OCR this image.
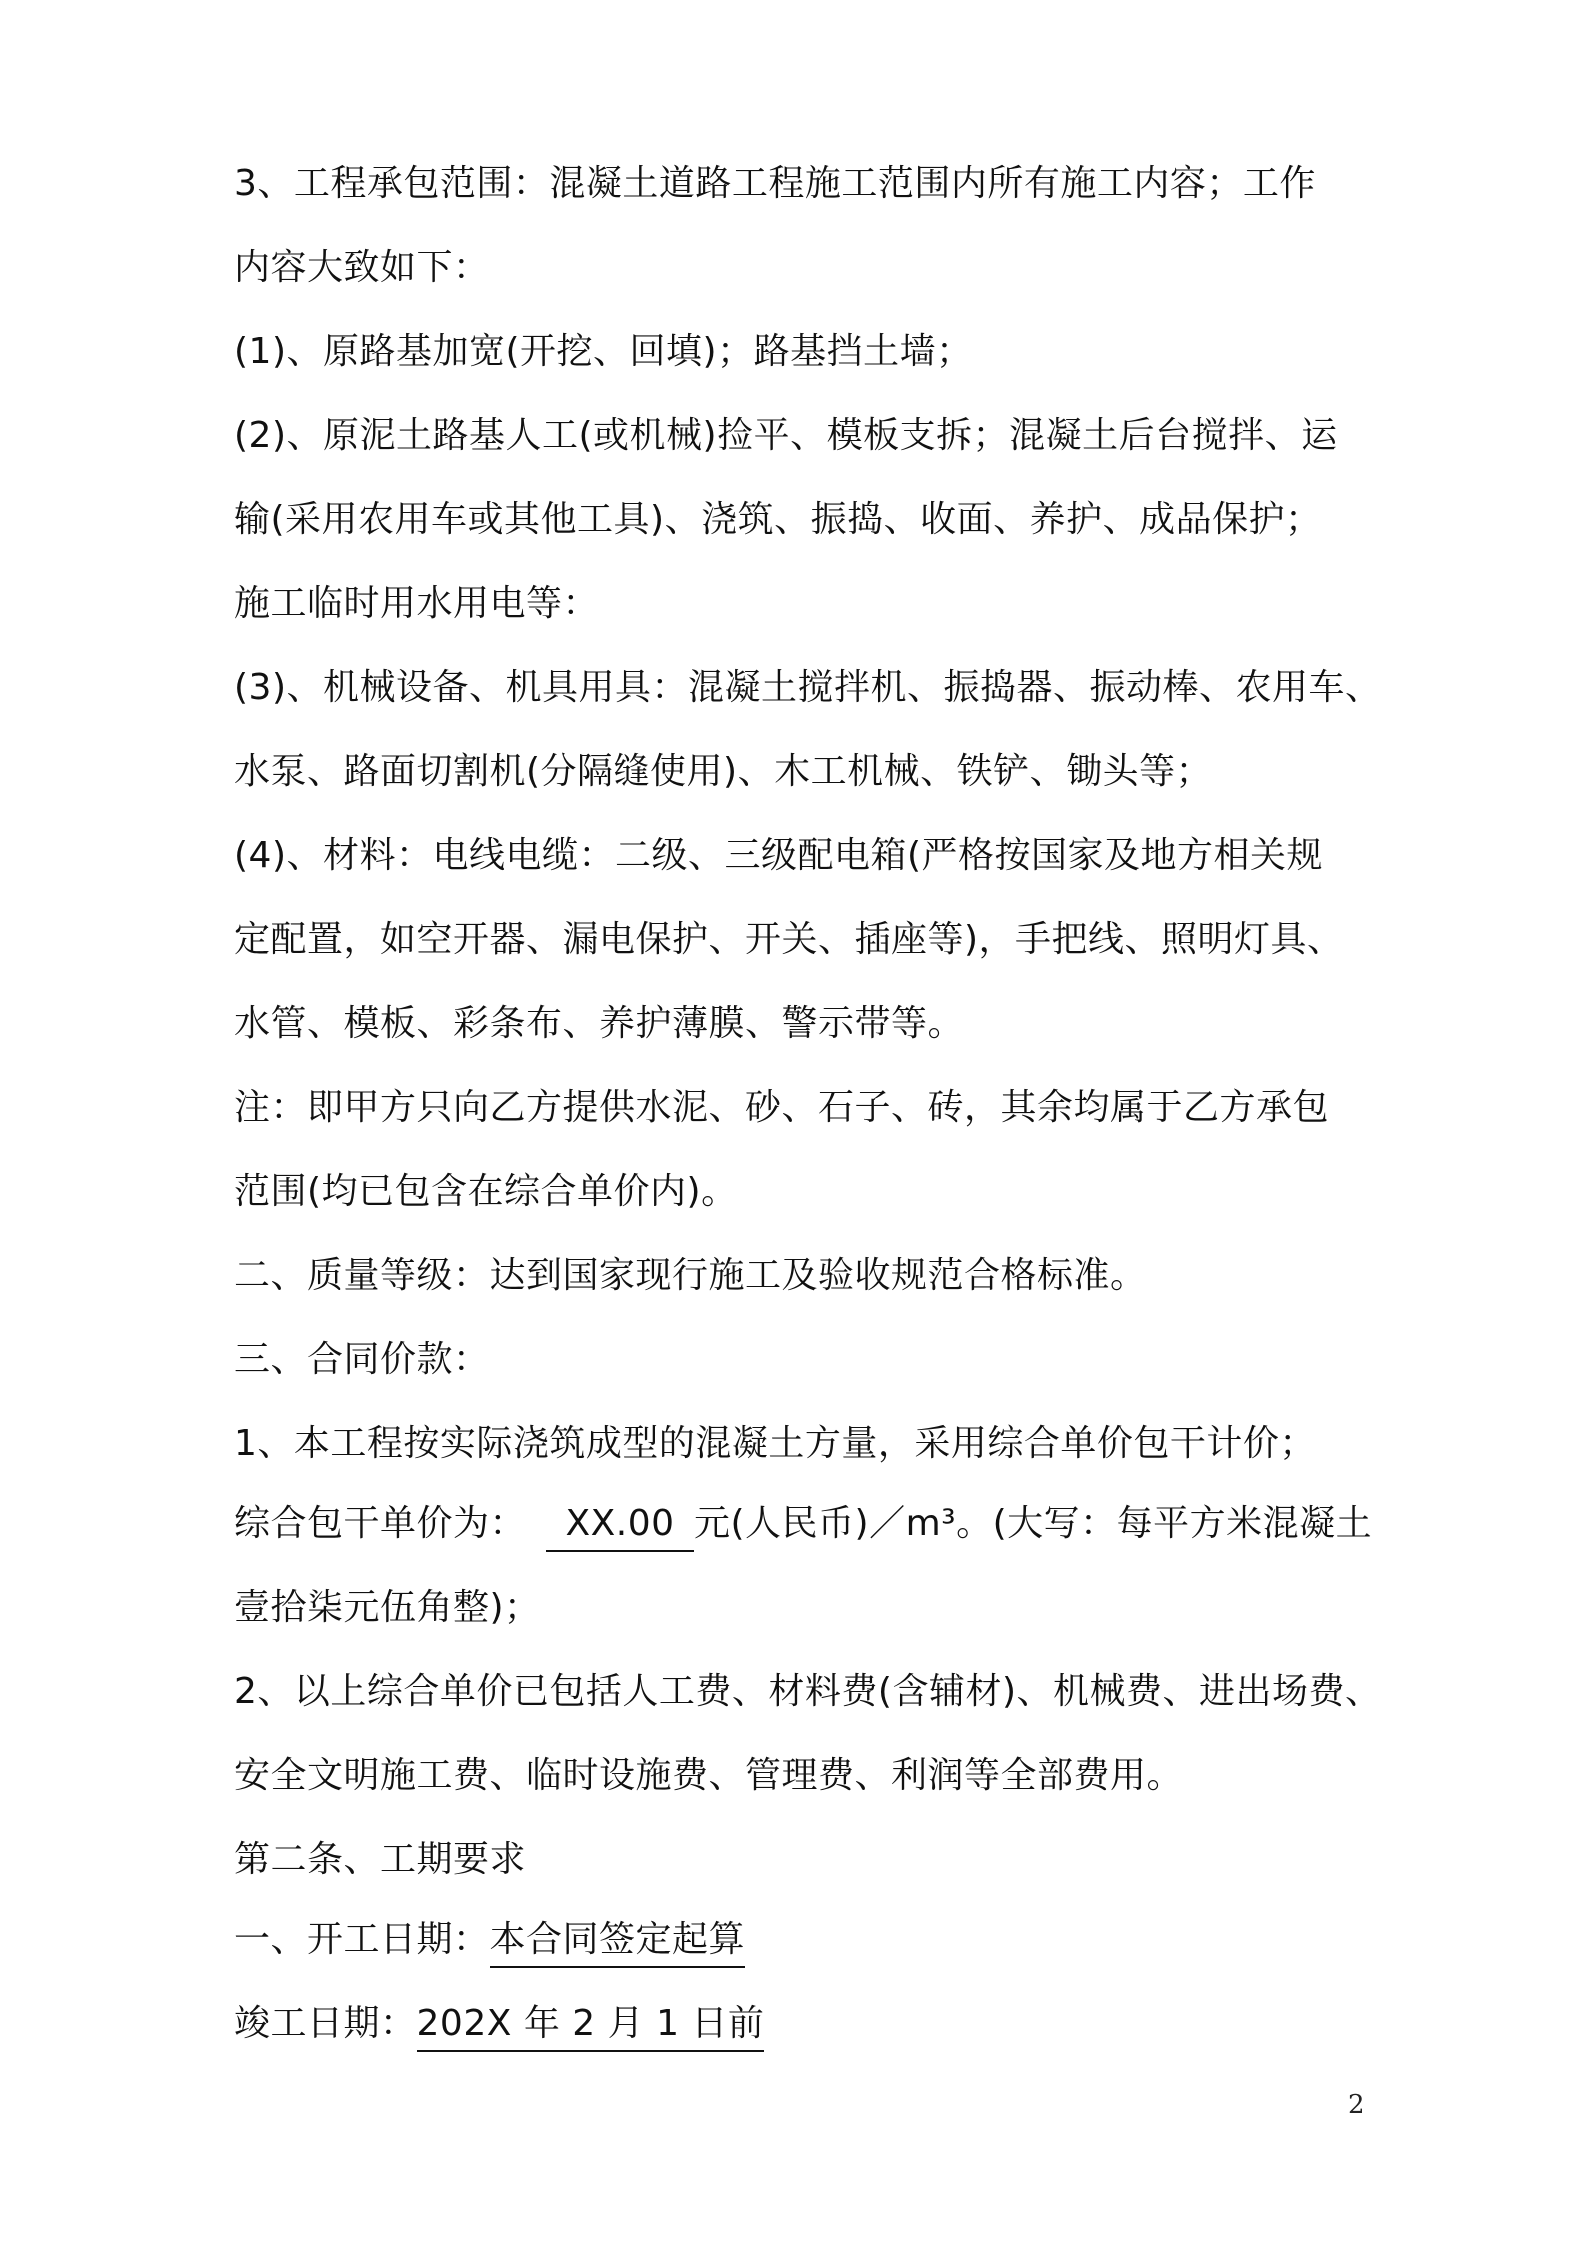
3、工程承包范围：混凝土道路工程施工范围内所有施工内容；工作
内容大致如下：
(1)、原路基加宽(开挖、回填)；路基挡土墙；
(2)、原泥土路基人工(或机械)捡平、模板支拆；混凝土后台搅拌、运
输(采用农用车或其他工具)、浇筑、振捣、收面、养护、成品保护；
施工临时用水用电等：
(3)、机械设备、机具用具：混凝土搅拌机、振捣器、振动棒、农用车、
水泵、路面切割机(分隔缝使用)、木工机械、铁铲、锄头等；
(4)、材料：电线电缆：二级、三级配电箱(严格按国家及地方相关规
定配置，如空开器、漏电保护、开关、插座等)，手把线、照明灯具、
水管、模板、彩条布、养护薄膜、警示带等。
注：即甲方只向乙方提供水泥、砂、石子、砖，其余均属于乙方承包
范围(均已包含在综合单价内)。
二、质量等级：达到国家现行施工及验收规范合格标准。
三、合同价款：
1、本工程按实际浇筑成型的混凝土方量，采用综合单价包干计价；
综合包干单价为： XX.00 元(人民币)／m³。(大写：每平方米混凝土
壹拾柒元伍角整)；
2、以上综合单价已包括人工费、材料费(含辅材)、机械费、进出场费、
安全文明施工费、临时设施费、管理费、利润等全部费用。
第二条、工期要求
一、开工日期：本合同签定起算
竣工日期：202X 年 2 月 1 日前
2
